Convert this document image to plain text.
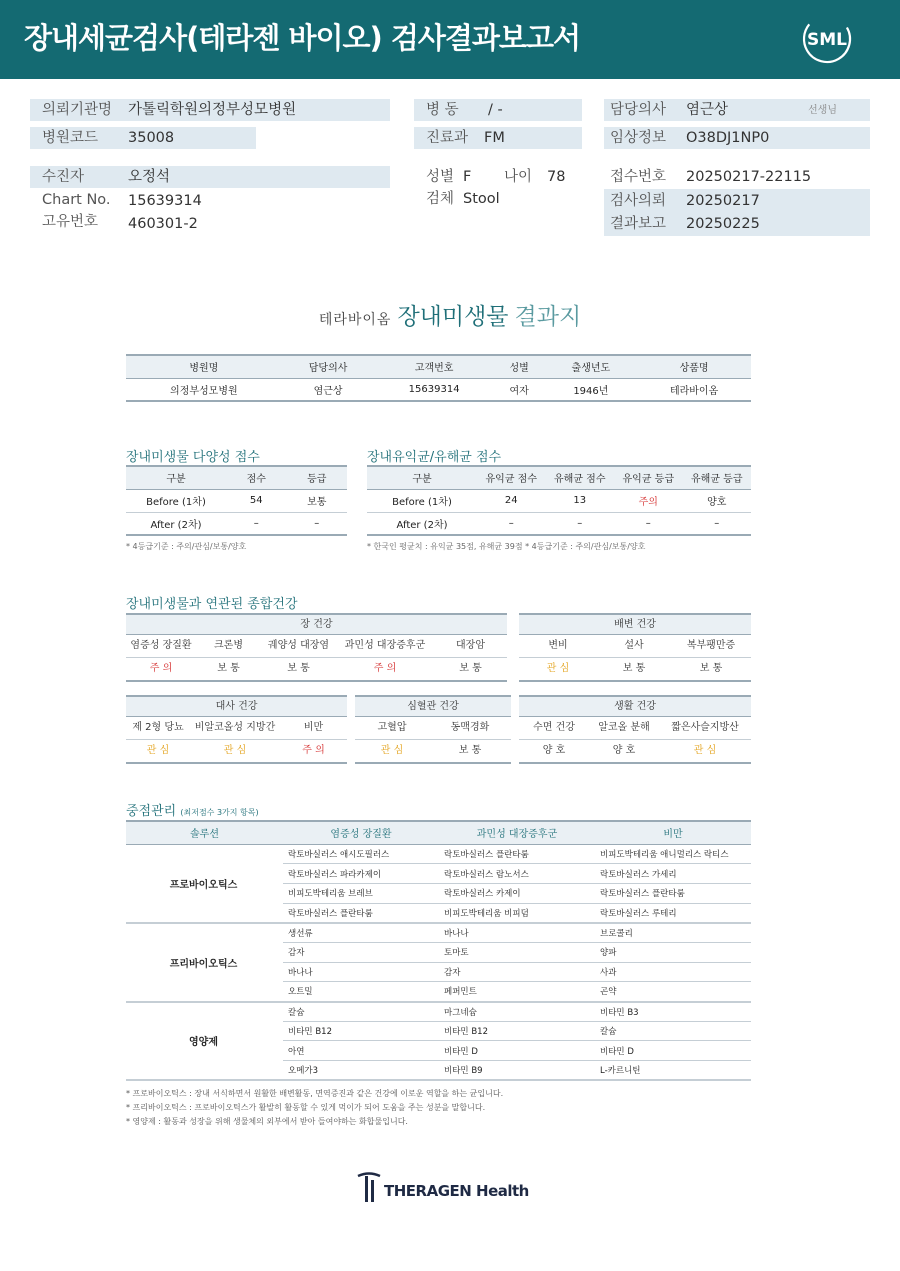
장내세균검사(테라젠 바이오) 검사결과보고서	SML
의뢰기관명 가톨릭학원의정부성모병원
병원코드 35008
수진자	오정석
Chart No. 15639314
고유번호 460301-2
병 동 / -
진료과 FM
성별 F 나이 78
검체 Stool
담당의사 염근상	선생님
임상정보 O38DJ1NP0
접수번호 20250217-22115
검사의뢰 20250217
결과보고 20250225
테라바이옴 장내미생물 결과지
병원명	담당의사	고객번호	성별	출생년도	상품명
의정부성모병원	염근상	15639314	여자	1946년	테라바이옴
장내미생물 다양성 점수
구분	점수	등급
Before (1차)	54	보통
After (2차)	–	–
* 4등급기준 : 주의/관심/보통/양호
장내유익균/유해균 점수
구분	유익균 점수	유해균 점수	유익균 등급	유해균 등급
Before (1차)	24	13	주의	양호
After (2차)	–	–	–	–
* 한국인 평균치 : 유익균 35점, 유해균 39점 * 4등급기준 : 주의/관심/보통/양호
장내미생물과 연관된 종합건강
장 건강
염증성 장질환	크론병	궤양성 대장염	과민성 대장증후군	대장암
주 의	보 통	보 통	주 의	보 통
배변 건강
변비	설사	복부팽만증
관 심	보 통	보 통
대사 건강
제 2형 당뇨	비알코올성 지방간	비만
관 심	관 심	주 의
심혈관 건강
고혈압	동맥경화
관 심	보 통
생활 건강
수면 건강	알코올 분해	짧은사슬지방산
양 호	양 호	관 심
중점관리 (최저점수 3가지 항목)
솔루션	염증성 장질환	과민성 대장증후군	비만
프로바이오틱스	락토바실러스 애시도필러스	락토바실러스 플란타룸	비피도박테리움 애니멀리스 락티스
	락토바실러스 파라카제이	락토바실러스 람노서스	락토바실러스 가세리
	비피도박테리움 브레브	락토바실러스 카제이	락토바실러스 플란타룸
	락토바실러스 플란타룸	비피도박테리움 비피덤	락토바실러스 루테리
프리바이오틱스	생선류	바나나	브로콜리
	감자	토마토	양파
	바나나	감자	사과
	오트밀	페퍼민트	곤약
영양제	칼슘	마그네슘	비타민 B3
	비타민 B12	비타민 B12	칼슘
	아연	비타민 D	비타민 D
	오메가3	비타민 B9	L-카르니틴
* 프로바이오틱스 : 장내 서식하면서 원활한 배변활동, 면역증진과 같은 건강에 이로운 역할을 하는 균입니다.
* 프리바이오틱스 : 프로바이오틱스가 활발히 활동할 수 있게 먹이가 되어 도움을 주는 성분을 말합니다.
* 영양제 : 활동과 성장을 위해 생물체의 외부에서 받아 들여야하는 화합물입니다.
THERAGEN Health
